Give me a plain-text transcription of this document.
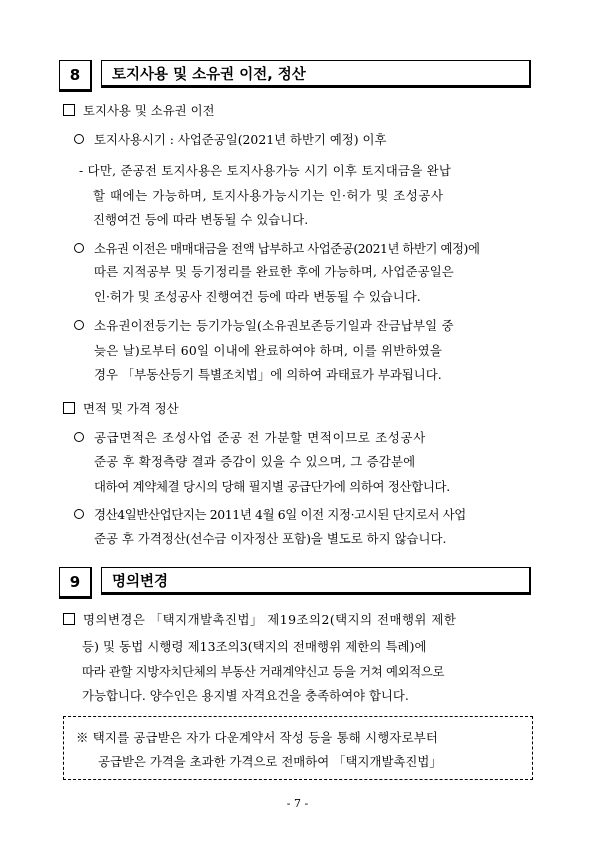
8	토지사용 및 소유권 이전, 정산
토지사용 및 소유권 이전
토지사용시기 : 사업준공일(2021년 하반기 예정) 이후
- 다만, 준공전 토지사용은 토지사용가능 시기 이후 토지대금을 완납
할 때에는 가능하며, 토지사용가능시기는 인·허가 및 조성공사
진행여건 등에 따라 변동될 수 있습니다.
소유권 이전은 매매대금을 전액 납부하고 사업준공(2021년 하반기 예정)에
따른 지적공부 및 등기정리를 완료한 후에 가능하며, 사업준공일은
인·허가 및 조성공사 진행여건 등에 따라 변동될 수 있습니다.
소유권이전등기는 등기가능일(소유권보존등기일과 잔금납부일 중
늦은 날)로부터 60일 이내에 완료하여야 하며, 이를 위반하였을
경우 「부동산등기 특별조치법」에 의하여 과태료가 부과됩니다.
면적 및 가격 정산
공급면적은 조성사업 준공 전 가분할 면적이므로 조성공사
준공 후 확정측량 결과 증감이 있을 수 있으며, 그 증감분에
대하여 계약체결 당시의 당해 필지별 공급단가에 의하여 정산합니다.
경산4일반산업단지는 2011년 4월 6일 이전 지정·고시된 단지로서 사업
준공 후 가격정산(선수금 이자정산 포함)을 별도로 하지 않습니다.
9	명의변경
명의변경은 「택지개발촉진법」 제19조의2(택지의 전매행위 제한
등) 및 동법 시행령 제13조의3(택지의 전매행위 제한의 특례)에
따라 관할 지방자치단체의 부동산 거래계약신고 등을 거쳐 예외적으로
가능합니다. 양수인은 용지별 자격요건을 충족하여야 합니다.
※ 택지를 공급받은 자가 다운계약서 작성 등을 통해 시행자로부터
공급받은 가격을 초과한 가격으로 전매하여 「택지개발촉진법」
- 7 -
